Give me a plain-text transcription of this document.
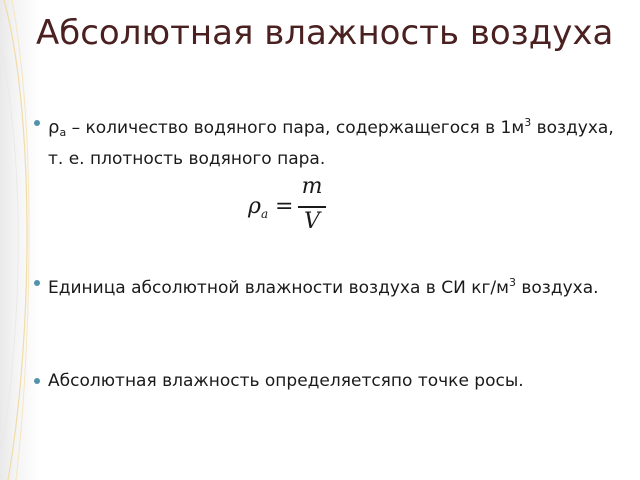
Абсолютная влажность воздуха
ρа – количество водяного пара, содержащегося в $1м^3$ воздуха, т. е. плотность водяного пара.
$\rho_a$ =
m
V
Единица абсолютной влажности воздуха в СИ $кг/м^3$ воздуха.
Абсолютная влажность определяетсяпо точке росы.
